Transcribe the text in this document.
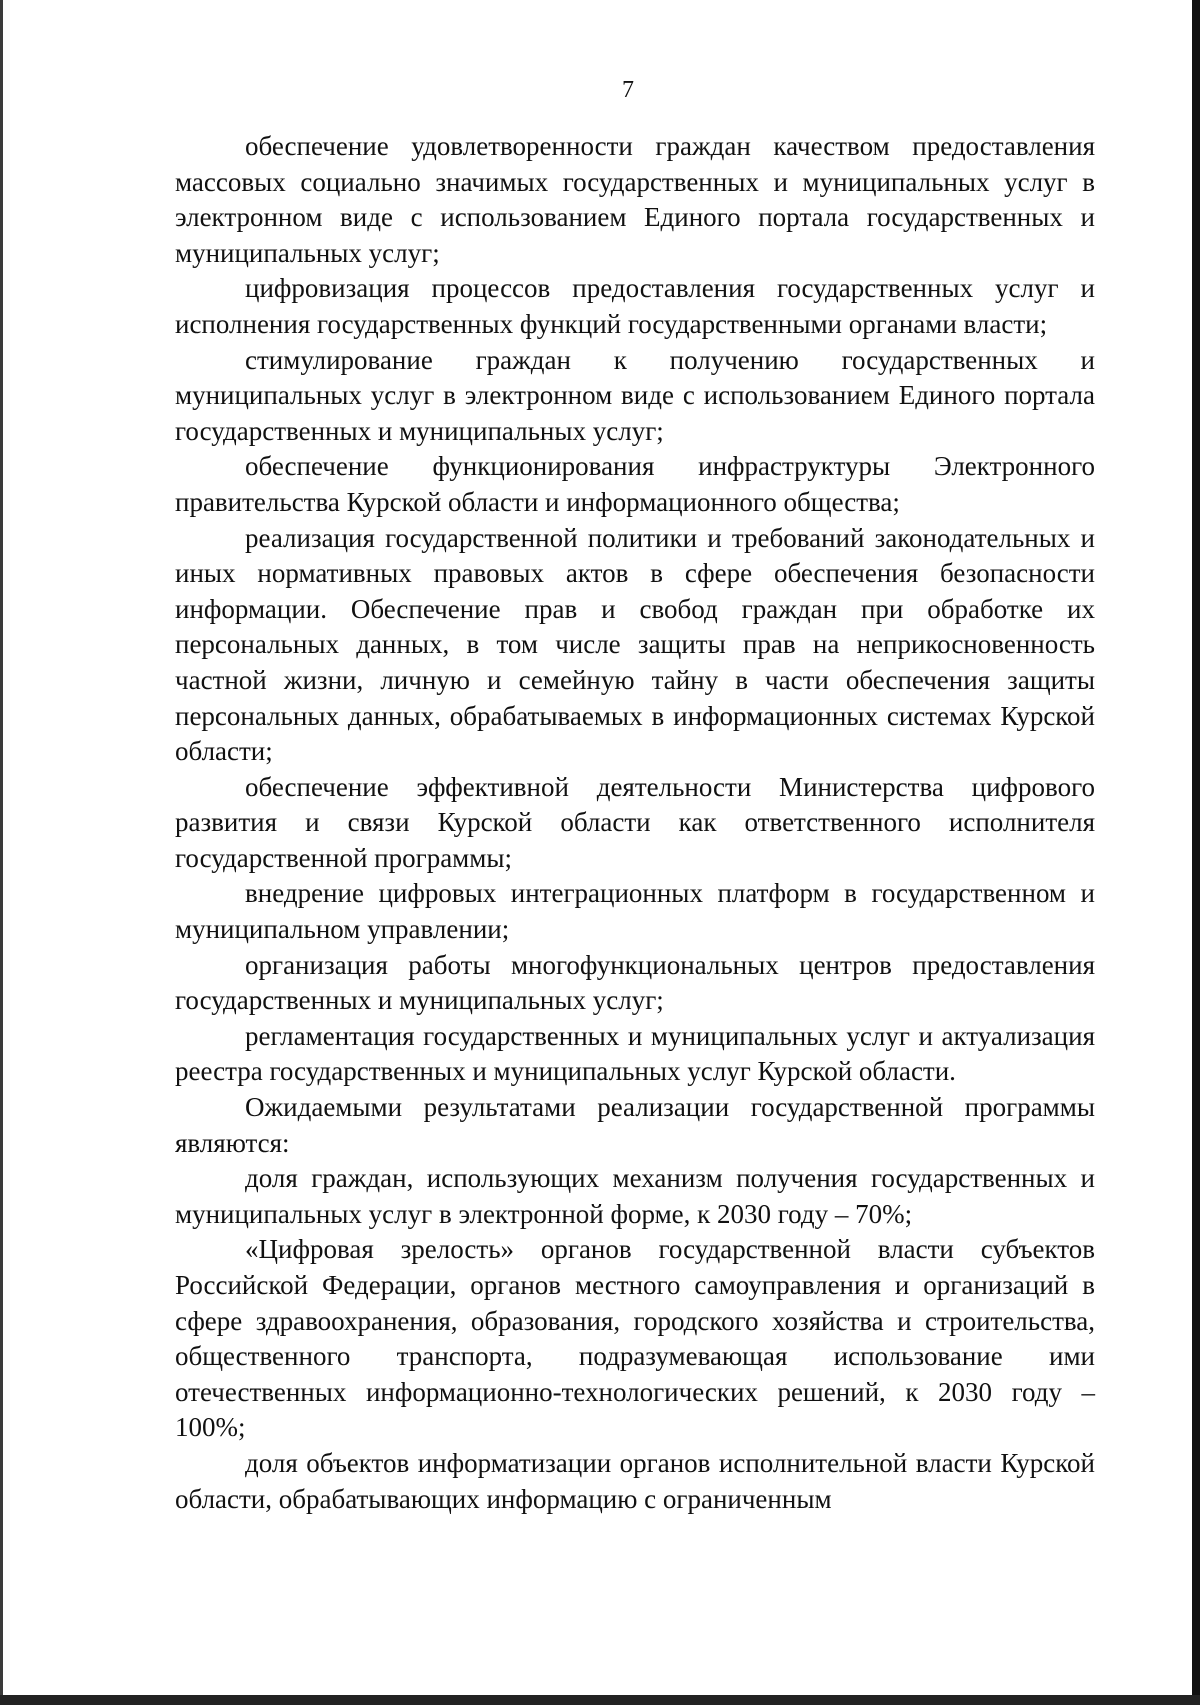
7

обеспечение удовлетворенности граждан качеством предоставления массовых социально значимых государственных и муниципальных услуг в электронном виде с использованием Единого портала государственных и муниципальных услуг;

цифровизация процессов предоставления государственных услуг и исполнения государственных функций государственными органами власти;

стимулирование граждан к получению государственных и муниципальных услуг в электронном виде с использованием Единого портала государственных и муниципальных услуг;

обеспечение функционирования инфраструктуры Электронного правительства Курской области и информационного общества;

реализация государственной политики и требований законодательных и иных нормативных правовых актов в сфере обеспечения безопасности информации. Обеспечение прав и свобод граждан при обработке их персональных данных, в том числе защиты прав на неприкосновенность частной жизни, личную и семейную тайну в части обеспечения защиты персональных данных, обрабатываемых в информационных системах Курской области;

обеспечение эффективной деятельности Министерства цифрового развития и связи Курской области как ответственного исполнителя государственной программы;

внедрение цифровых интеграционных платформ в государственном и муниципальном управлении;

организация работы многофункциональных центров предоставления государственных и муниципальных услуг;

регламентация государственных и муниципальных услуг и актуализация реестра государственных и муниципальных услуг Курской области.

Ожидаемыми результатами реализации государственной программы являются:

доля граждан, использующих механизм получения государственных и муниципальных услуг в электронной форме, к 2030 году – 70%;

«Цифровая зрелость» органов государственной власти субъектов Российской Федерации, органов местного самоуправления и организаций в сфере здравоохранения, образования, городского хозяйства и строительства, общественного транспорта, подразумевающая использование ими отечественных информационно-технологических решений, к 2030 году – 100%;

доля объектов информатизации органов исполнительной власти Курской области, обрабатывающих информацию с ограниченным
